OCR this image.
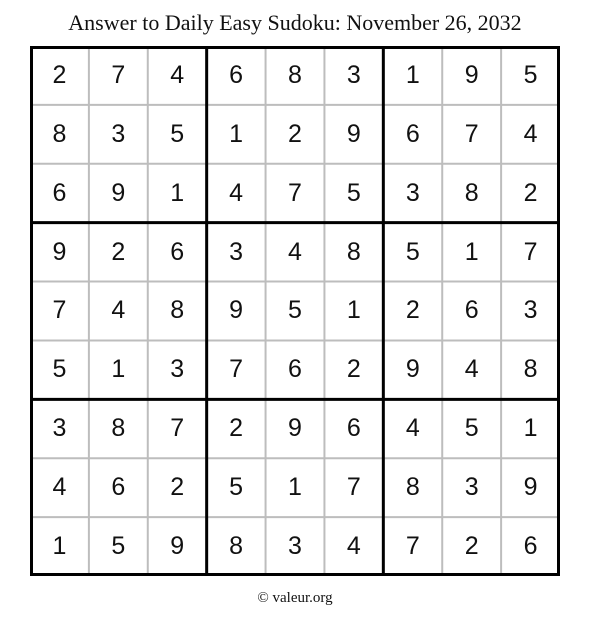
Answer to Daily Easy Sudoku: November 26, 2032
2	7	4	6	8	3	1	9	5
8	3	5	1	2	9	6	7	4
6	9	1	4	7	5	3	8	2
9	2	6	3	4	8	5	1	7
7	4	8	9	5	1	2	6	3
5	1	3	7	6	2	9	4	8
3	8	7	2	9	6	4	5	1
4	6	2	5	1	7	8	3	9
1	5	9	8	3	4	7	2	6
© valeur.org
